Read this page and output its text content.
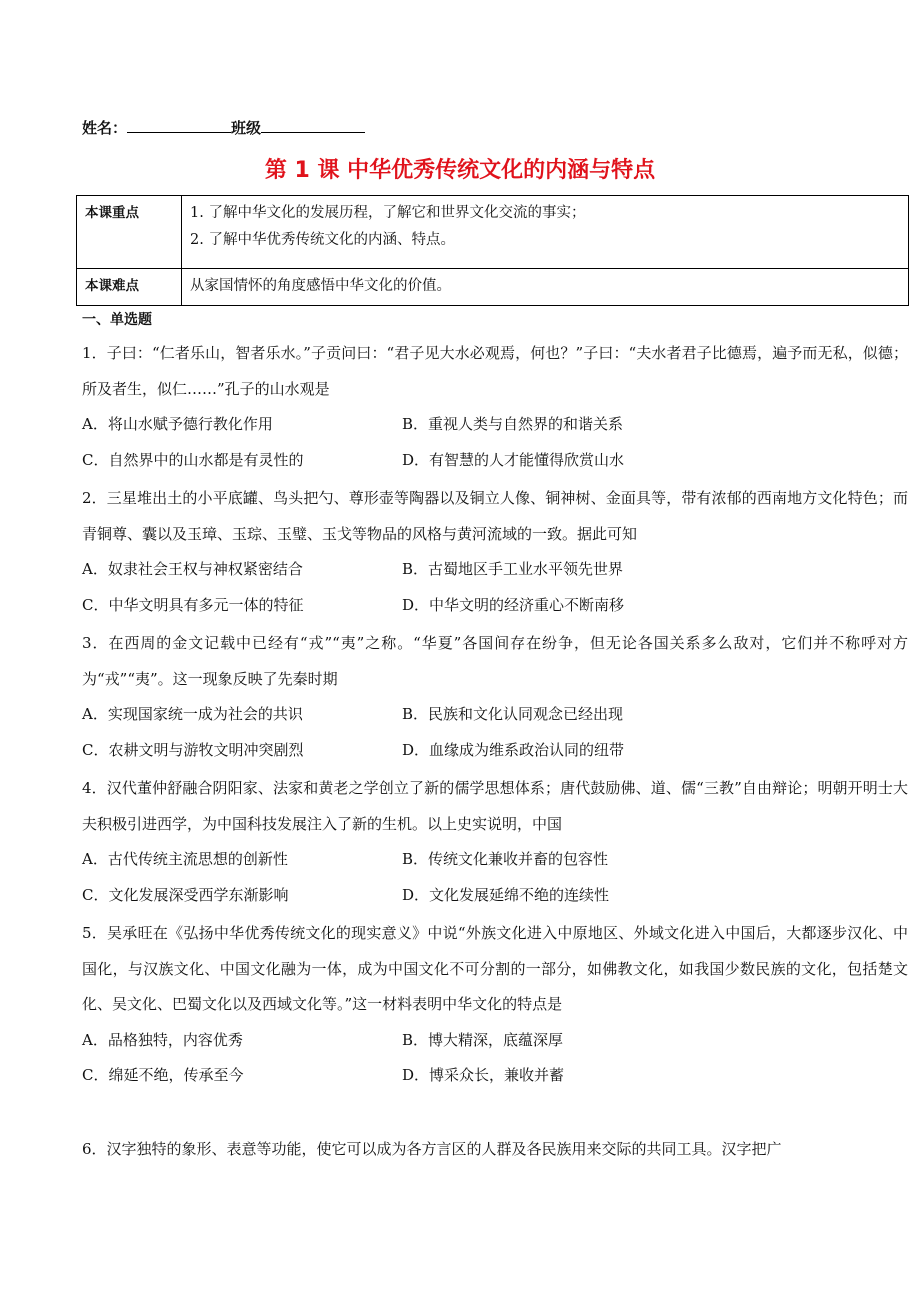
姓名：	班级
第 1 课 中华优秀传统文化的内涵与特点
本课重点	1. 了解中华文化的发展历程，了解它和世界文化交流的事实；
2. 了解中华优秀传统文化的内涵、特点。

本课难点	从家国情怀的角度感悟中华文化的价值。
一、单选题
1．子曰：“仁者乐山，智者乐水。”子贡问曰：“君子见大水必观焉，何也？”子曰：“夫水者君子比德焉，遍予而无私，似德；所及者生，似仁……”孔子的山水观是
A．将山水赋予德行教化作用	B．重视人类与自然界的和谐关系
C．自然界中的山水都是有灵性的	D．有智慧的人才能懂得欣赏山水
2．三星堆出土的小平底罐、鸟头把勺、尊形壶等陶器以及铜立人像、铜神树、金面具等，带有浓郁的西南地方文化特色；而青铜尊、囊以及玉璋、玉琮、玉璧、玉戈等物品的风格与黄河流域的一致。据此可知
A．奴隶社会王权与神权紧密结合	B．古蜀地区手工业水平领先世界
C．中华文明具有多元一体的特征	D．中华文明的经济重心不断南移
3．在西周的金文记载中已经有“戎”“夷”之称。“华夏”各国间存在纷争，但无论各国关系多么敌对，它们并不称呼对方为“戎”“夷”。这一现象反映了先秦时期
A．实现国家统一成为社会的共识	B．民族和文化认同观念已经出现
C．农耕文明与游牧文明冲突剧烈	D．血缘成为维系政治认同的纽带
4．汉代董仲舒融合阴阳家、法家和黄老之学创立了新的儒学思想体系；唐代鼓励佛、道、儒“三教”自由辩论；明朝开明士大夫积极引进西学，为中国科技发展注入了新的生机。以上史实说明，中国
A．古代传统主流思想的创新性	B．传统文化兼收并畜的包容性
C．文化发展深受西学东渐影响	D．文化发展延绵不绝的连续性
5．吴承旺在《弘扬中华优秀传统文化的现实意义》中说“外族文化进入中原地区、外域文化进入中国后，大都逐步汉化、中国化，与汉族文化、中国文化融为一体，成为中国文化不可分割的一部分，如佛教文化，如我国少数民族的文化，包括楚文化、吴文化、巴蜀文化以及西域文化等。”这一材料表明中华文化的特点是
A．品格独特，内容优秀	B．博大精深，底蕴深厚
C．绵延不绝，传承至今	D．博采众长，兼收并蓄
6．汉字独特的象形、表意等功能，使它可以成为各方言区的人群及各民族用来交际的共同工具。汉字把广
